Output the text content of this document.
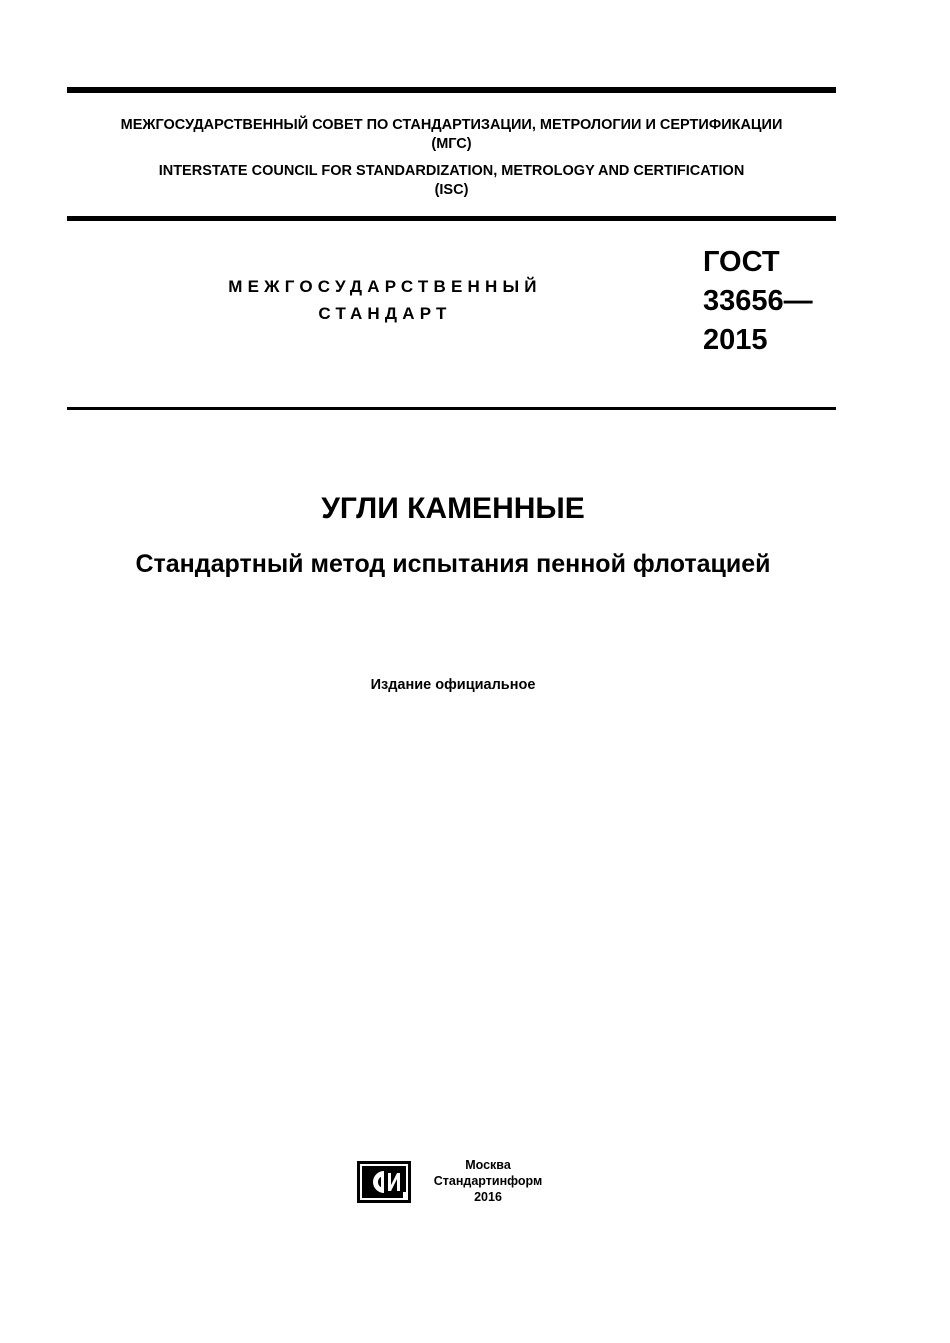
МЕЖГОСУДАРСТВЕННЫЙ СОВЕТ ПО СТАНДАРТИЗАЦИИ, МЕТРОЛОГИИ И СЕРТИФИКАЦИИ
(МГС)
INTERSTATE COUNCIL FOR STANDARDIZATION, METROLOGY AND CERTIFICATION
(ISC)
МЕЖГОСУДАРСТВЕННЫЙ
СТАНДАРТ
ГОСТ
33656—
2015
УГЛИ КАМЕННЫЕ
Стандартный метод испытания пенной флотацией
Издание официальное
Москва
Стандартинформ
2016
